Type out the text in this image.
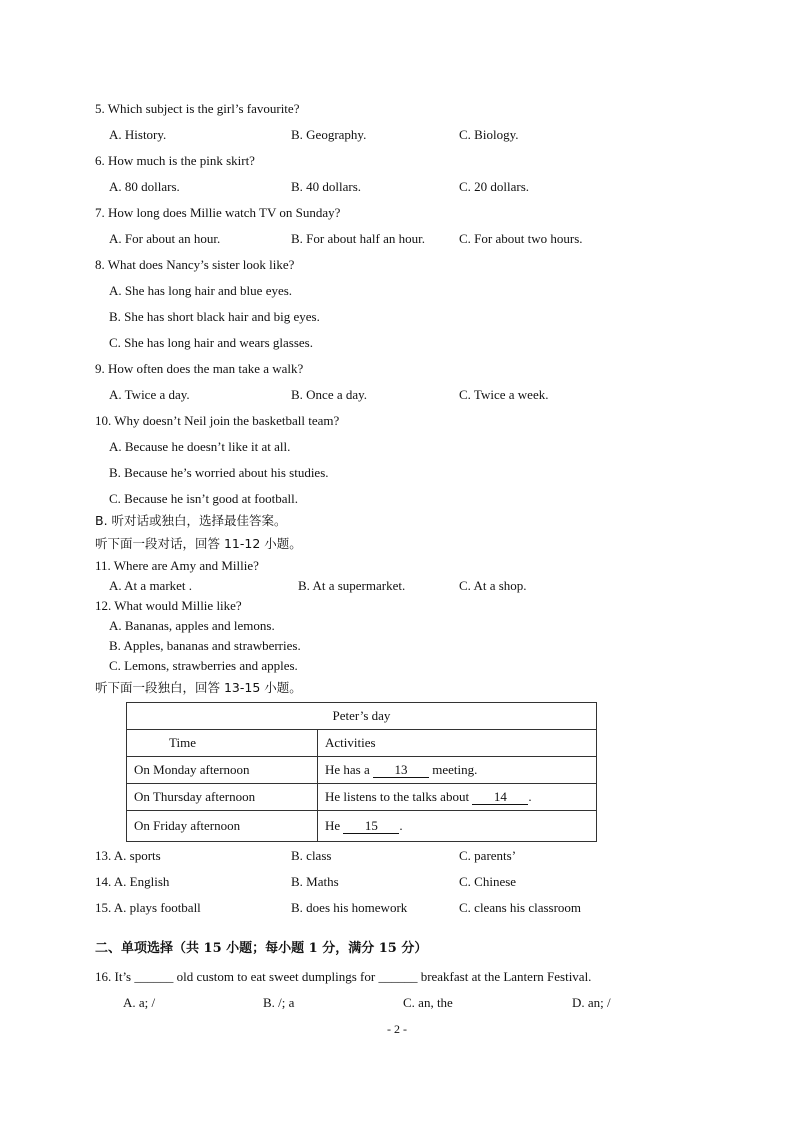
5. Which subject is the girl’s favourite?
A. History.	B. Geography.	C. Biology.
6. How much is the pink skirt?
A. 80 dollars.	B. 40 dollars.	C. 20 dollars.
7. How long does Millie watch TV on Sunday?
A. For about an hour.	B. For about half an hour.	C. For about two hours.
8. What does Nancy’s sister look like?
A. She has long hair and blue eyes.
B. She has short black hair and big eyes.
C. She has long hair and wears glasses.
9. How often does the man take a walk?
A. Twice a day.	B. Once a day.	C. Twice a week.
10. Why doesn’t Neil join the basketball team?
A. Because he doesn’t like it at all.
B. Because he’s worried about his studies.
C. Because he isn’t good at football.
B. 听对话或独白，选择最佳答案。
听下面一段对话，回答 11-12 小题。
11. Where are Amy and Millie?
A. At a market .	B. At a supermarket.	C. At a shop.
12. What would Millie like?
A. Bananas, apples and lemons.
B. Apples, bananas and strawberries.
C. Lemons, strawberries and apples.
听下面一段独白，回答 13-15 小题。
Peter’s day	
Time	Activities
On Monday afternoon	He has a 13 meeting.
On Thursday afternoon	He listens to the talks about 14 .
On Friday afternoon	He 15 .
13. A. sports	B. class	C. parents’
14. A. English	B. Maths	C. Chinese
15. A. plays football	B. does his homework	C. cleans his classroom
二、单项选择（共 15 小题；每小题 1 分，满分 15 分）
16. It’s ______ old custom to eat sweet dumplings for ______ breakfast at the Lantern Festival.
A. a; /	B. /; a	C. an, the	D. an; /
- 2 -
